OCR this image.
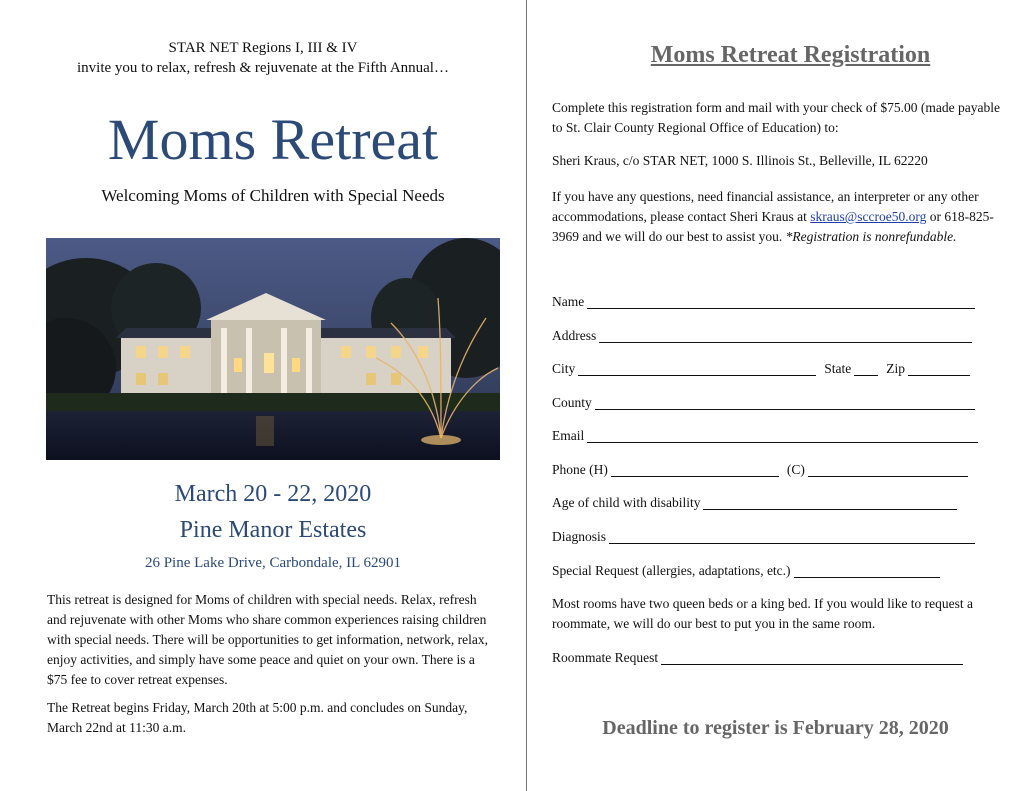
STAR NET Regions I, III & IV
invite you to relax, refresh & rejuvenate at the Fifth Annual…
Moms Retreat
Welcoming Moms of Children with Special Needs
March 20 - 22, 2020
Pine Manor Estates
26 Pine Lake Drive, Carbondale, IL 62901

This retreat is designed for Moms of children with special needs. Relax, refresh and rejuvenate with other Moms who share common experiences raising children with special needs. There will be opportunities to get information, network, relax, enjoy activities, and simply have some peace and quiet on your own. There is a $75 fee to cover retreat expenses.

The Retreat begins Friday, March 20th at 5:00 p.m. and concludes on Sunday, March 22nd at 11:30 a.m.

Moms Retreat Registration
Complete this registration form and mail with your check of $75.00 (made payable to St. Clair County Regional Office of Education) to:
Sheri Kraus, c/o STAR NET, 1000 S. Illinois St., Belleville, IL 62220
If you have any questions, need financial assistance, an interpreter or any other accommodations, please contact Sheri Kraus at skraus@sccroe50.org or 618-825-3969 and we will do our best to assist you. *Registration is nonrefundable.
Name
Address
City	State	Zip
County
Email
Phone (H)	(C)
Age of child with disability
Diagnosis
Special Request (allergies, adaptations, etc.)
Most rooms have two queen beds or a king bed. If you would like to request a roommate, we will do our best to put you in the same room.
Roommate Request
Deadline to register is February 28, 2020
